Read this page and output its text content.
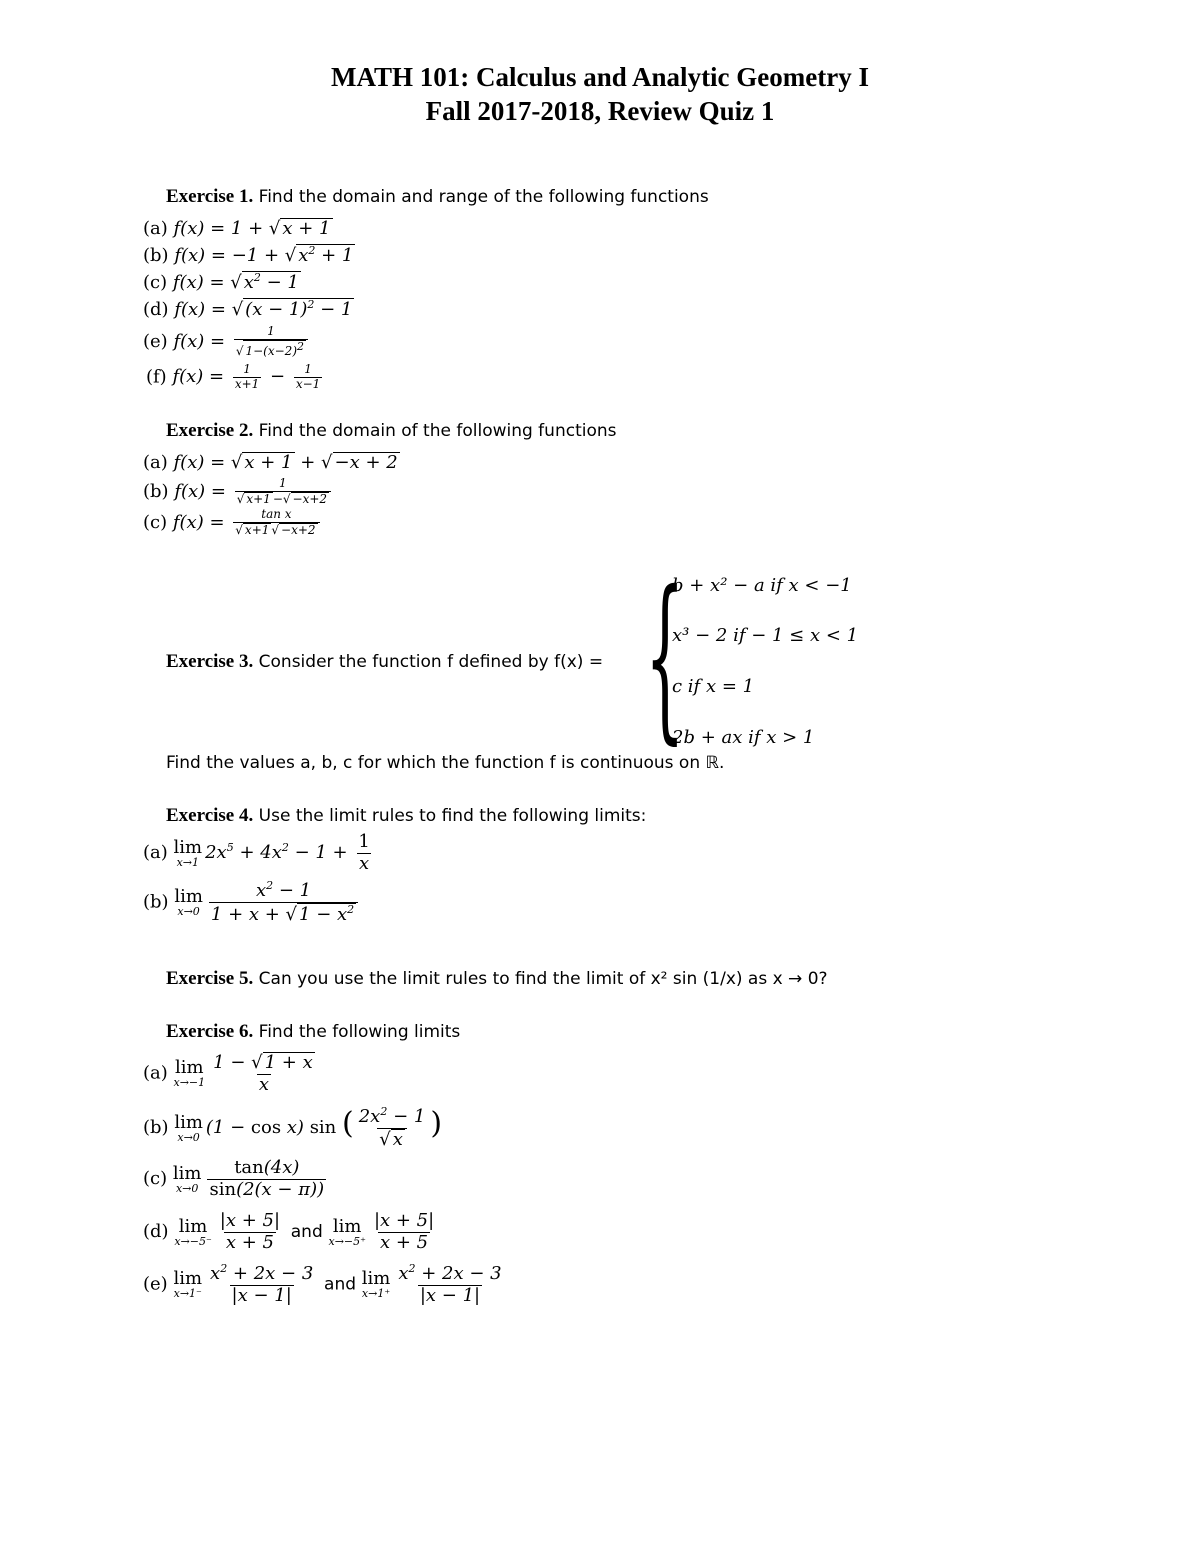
MATH 101: Calculus and Analytic Geometry I
Fall 2017-2018, Review Quiz 1
Exercise 1. Find the domain and range of the following functions
(a) f(x) = 1 + √ x + 1
(b) f(x) = −1 + √ $x^2 + 1$
(c) f(x) = √ $x^2 - 1$
(d) f(x) = √ $(x - 1)^2 - 1$
(e) $f(x) = \frac{1}{√ 1-(x-2)^2}$
(f) $f(x) = \frac{1}{x+1} - \frac{1}{x-1}$
Exercise 2. Find the domain of the following functions
(a) f(x) = √ x + 1 + √ −x + 2
(b) $f(x) = \frac{1}{√ x+1 -√ -x+2}$
(c) $f(x) = \frac{\text{tan x}}{√ x+1 √ -x+2}$
Exercise 3. Consider the function f defined by f(x) = {
b + x² − a if x < −1
x³ − 2 if − 1 ≤ x < 1
c if x = 1
2b + ax if x > 1
Find the values a, b, c for which the function f is continuous on ℝ.
Exercise 4. Use the limit rules to find the following limits:
(a) lim
x→1 $2x^5 + 4x^2 - 1 + \frac{1}{x}$
(b) lim
$x\to 0 \frac{x^2 - 1}{1 + x + √ 1 - x^2}$
Exercise 5. Can you use the limit rules to find the limit of x² sin (1/x) as x → 0?
Exercise 6. Find the following limits
(a) lim
$x\to-1 \frac{1 - √ 1 + x}{x}$
(b) lim
x→0 (1 − cos x) sin ( $\frac{2x^2 - 1}{√ x}$ )
(c) lim
$x\to 0 \frac{\tan(4x)}{\sin(2(x - \pi))}$
(d) lim
$x\to-5^- \frac{|x + 5|}{x + 5}$ and lim
$x\to-5^+ \frac{|x + 5|}{x + 5}$
(e) lim
$x\to 1^- \frac{x^2 + 2x - 3}{|x - 1|}$ and lim
$x\to 1^+ \frac{x^2 + 2x - 3}{|x - 1|}$
